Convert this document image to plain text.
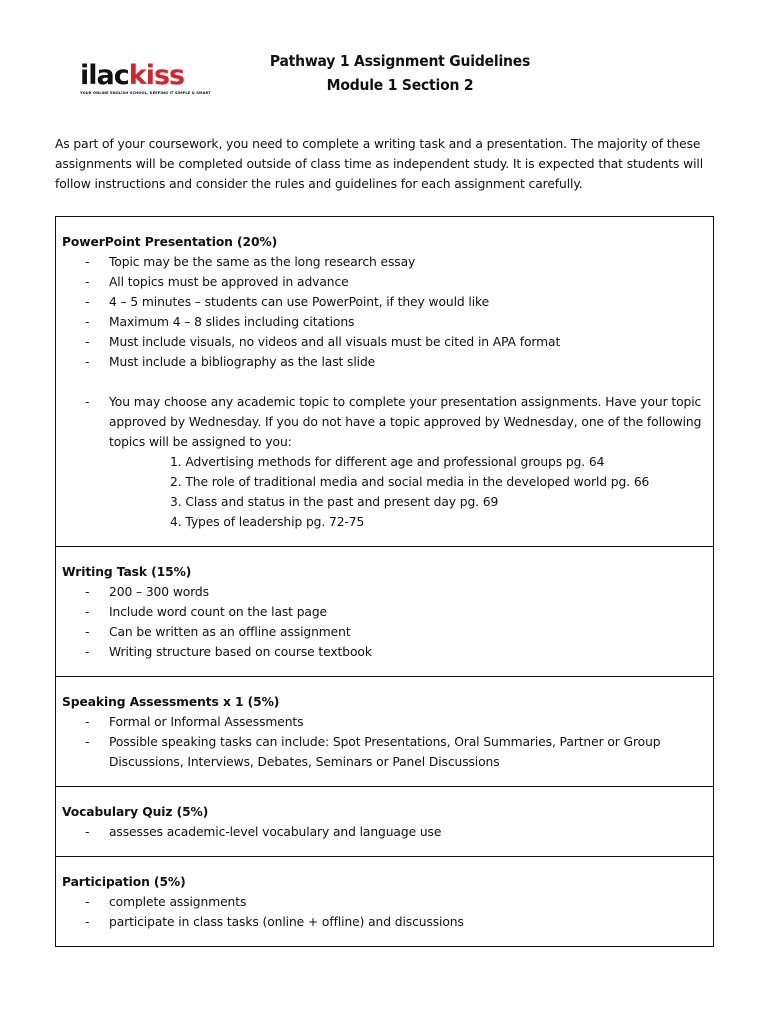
ilackiss
YOUR ONLINE ENGLISH SCHOOL, KEEPING IT SIMPLE & SMART
Pathway 1 Assignment Guidelines
Module 1 Section 2
As part of your coursework, you need to complete a writing task and a presentation. The majority of these assignments will be completed outside of class time as independent study. It is expected that students will follow instructions and consider the rules and guidelines for each assignment carefully.
PowerPoint Presentation (20%)
- Topic may be the same as the long research essay
- All topics must be approved in advance
- 4 – 5 minutes – students can use PowerPoint, if they would like
- Maximum 4 – 8 slides including citations
- Must include visuals, no videos and all visuals must be cited in APA format
- Must include a bibliography as the last slide
- You may choose any academic topic to complete your presentation assignments. Have your topic approved by Wednesday. If you do not have a topic approved by Wednesday, one of the following topics will be assigned to you:
Advertising methods for different age and professional groups pg. 64
The role of traditional media and social media in the developed world pg. 66
Class and status in the past and present day pg. 69
Types of leadership pg. 72-75

Writing Task (15%)
- 200 – 300 words
- Include word count on the last page
- Can be written as an offline assignment
- Writing structure based on course textbook

Speaking Assessments x 1 (5%)
- Formal or Informal Assessments
- Possible speaking tasks can include: Spot Presentations, Oral Summaries, Partner or Group Discussions, Interviews, Debates, Seminars or Panel Discussions

Vocabulary Quiz (5%)
- assesses academic-level vocabulary and language use

Participation (5%)
- complete assignments
- participate in class tasks (online + offline) and discussions
